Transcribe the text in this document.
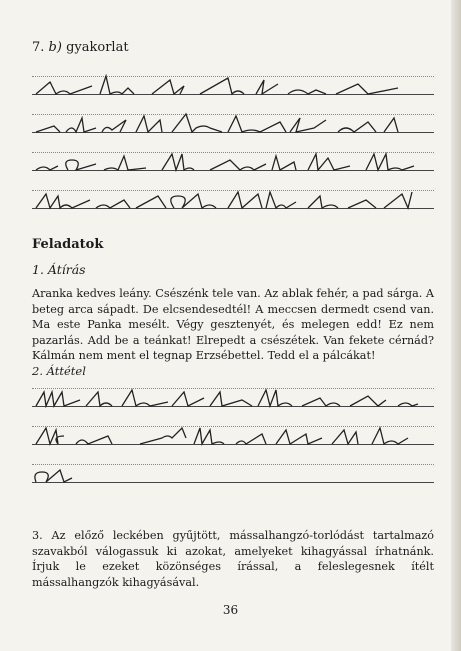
7. b) gyakorlat
Feladatok
1. Átírás

Aranka kedves leány. Csészénk tele van. Az ablak fehér, a pad sárga. A beteg arca sápadt. De elcsendesedtél! A meccsen dermedt csend van. Ma este Panka mesélt. Végy gesztenyét, és melegen edd! Ez nem pazarlás. Add be a teánkat! Elrepedt a csészétek. Van fekete cérnád? Kálmán nem ment el tegnap Erzsébettel. Tedd el a pálcákat!

2. Áttétel

3. Az előző leckében gyűjtött, mássalhangzó-torlódást tartalmazó szavakból válogassuk ki azokat, amelyeket kihagyással írhatnánk. Írjuk le ezeket közönséges írással, a feleslegesnek ítélt mássalhangzók kihagyásával.

36
